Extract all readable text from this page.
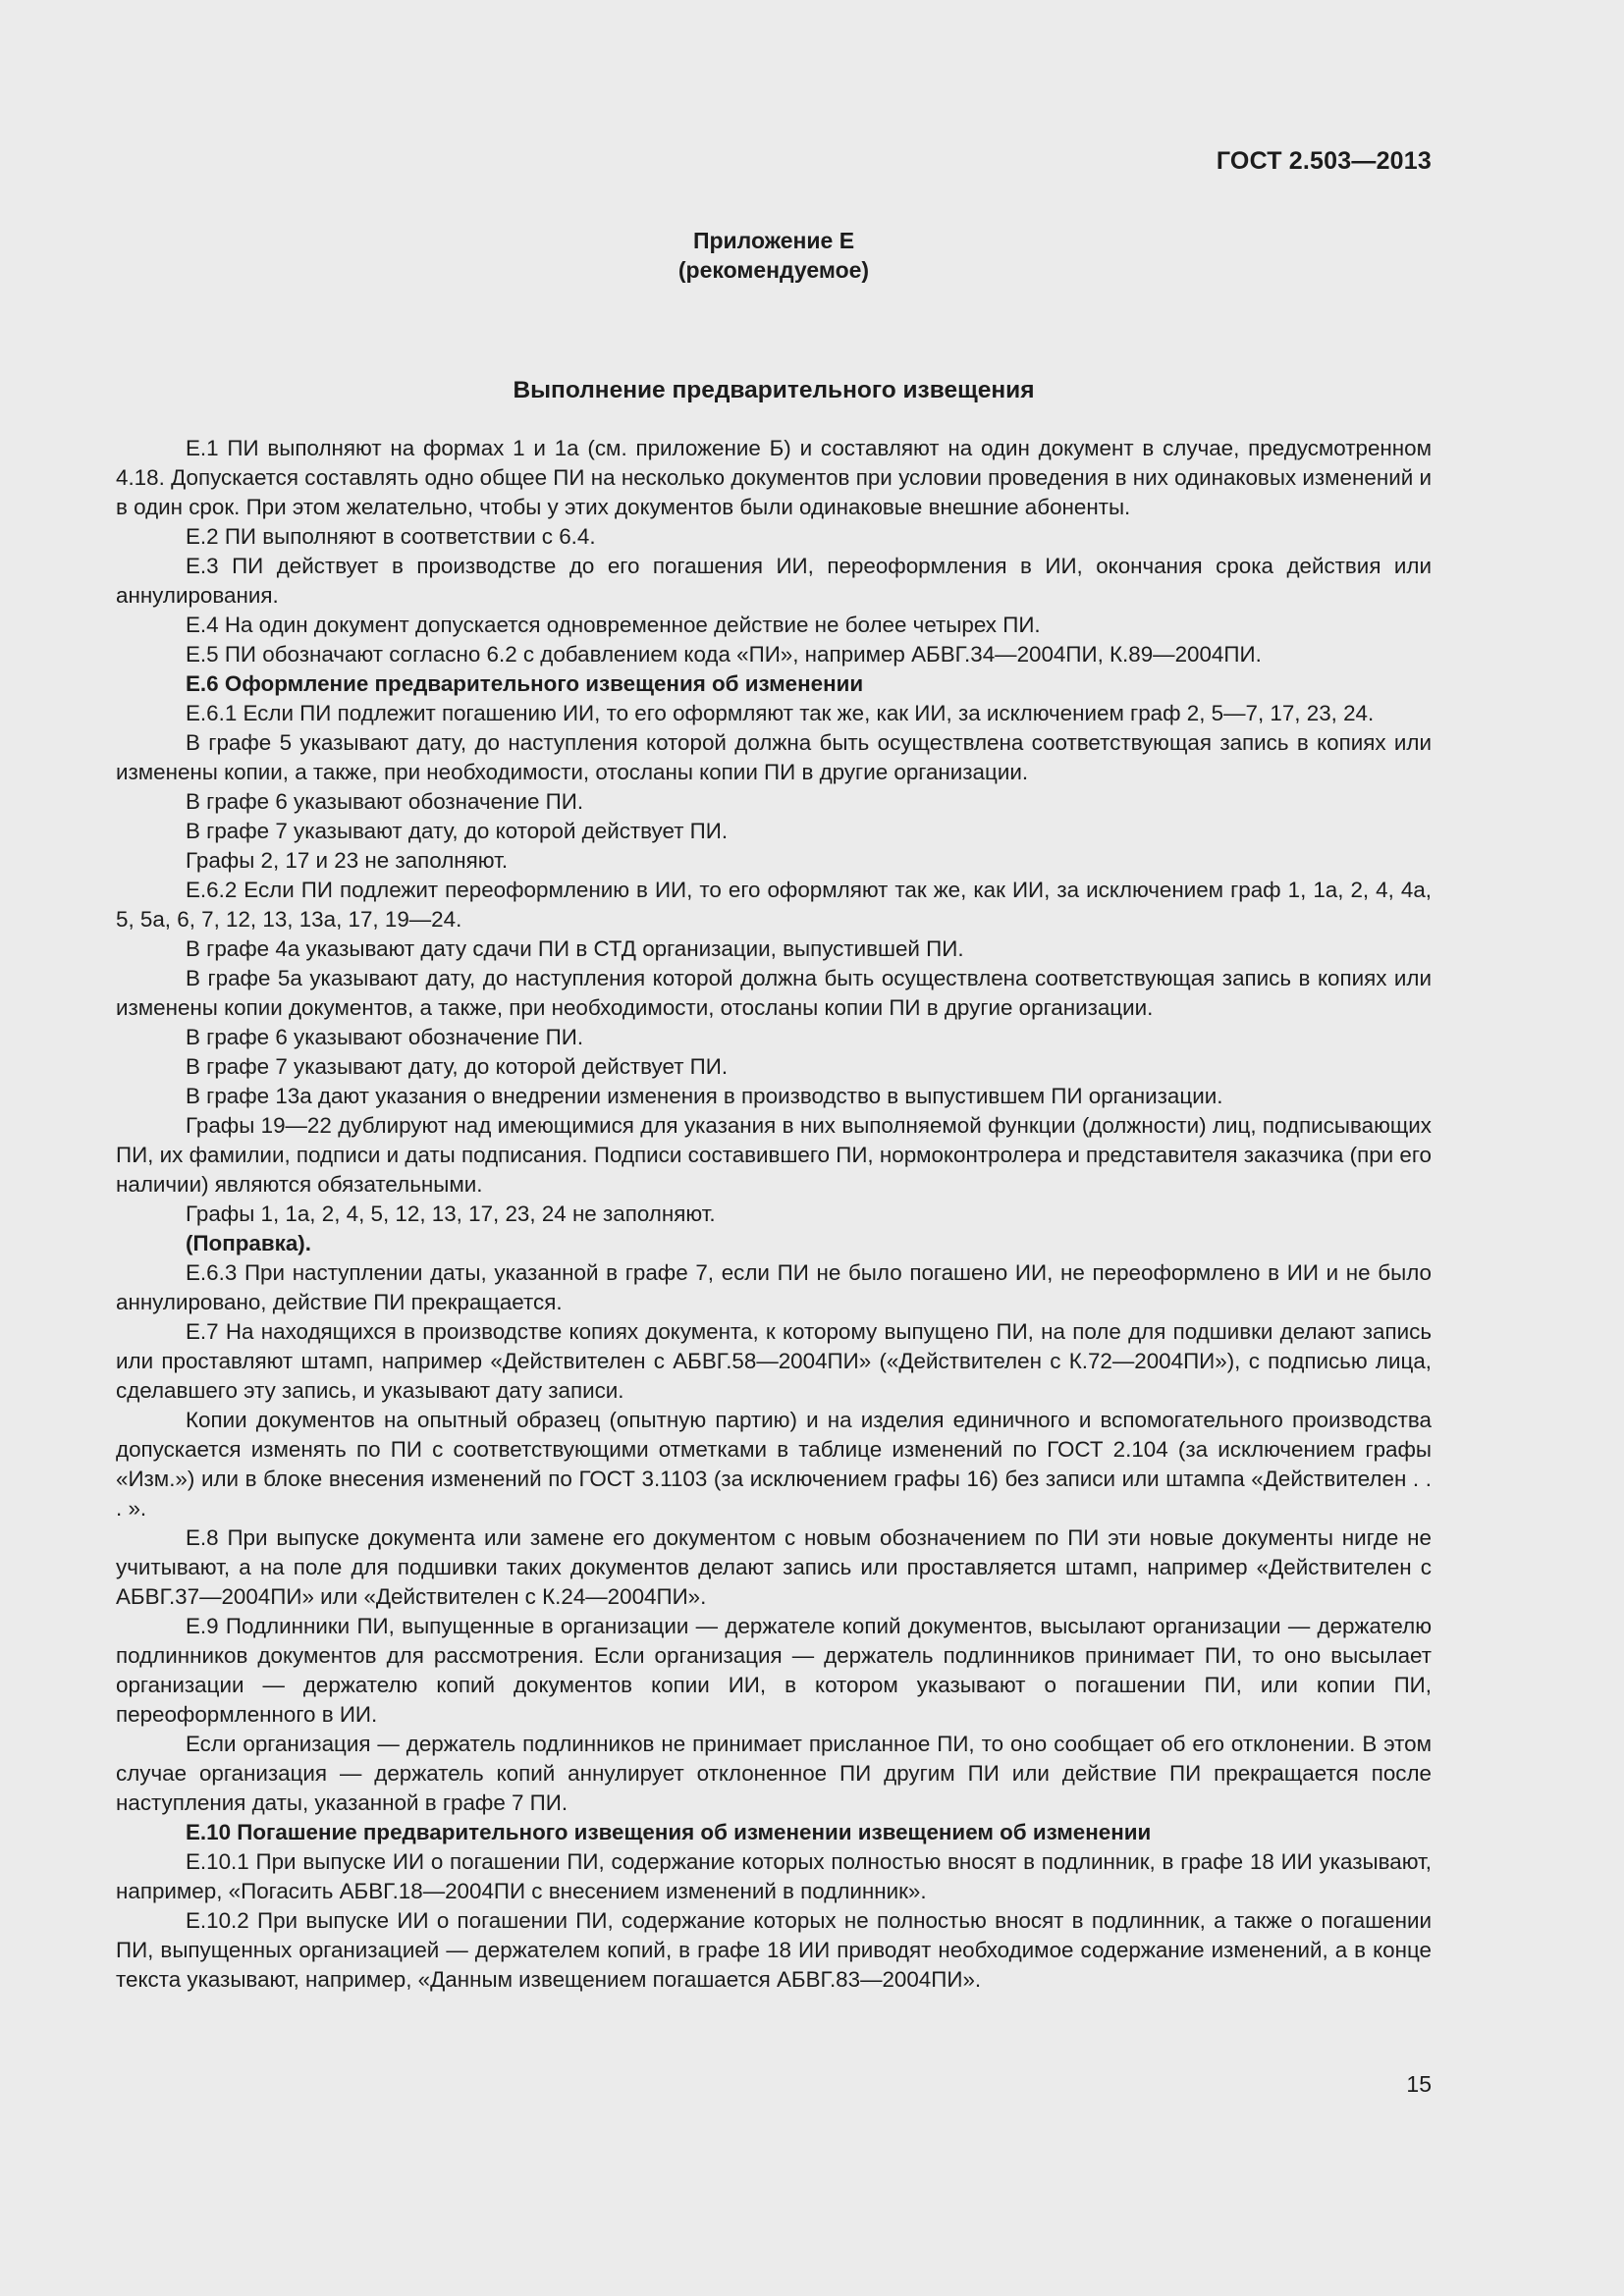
ГОСТ 2.503—2013
Приложение Е
(рекомендуемое)
Выполнение предварительного извещения

Е.1 ПИ выполняют на формах 1 и 1а (см. приложение Б) и составляют на один документ в случае, предусмотренном 4.18. Допускается составлять одно общее ПИ на несколько документов при условии проведения в них одинаковых изменений и в один срок. При этом желательно, чтобы у этих документов были одинаковые внешние абоненты.

Е.2 ПИ выполняют в соответствии с 6.4.

Е.3 ПИ действует в производстве до его погашения ИИ, переоформления в ИИ, окончания срока действия или аннулирования.

Е.4 На один документ допускается одновременное действие не более четырех ПИ.

Е.5 ПИ обозначают согласно 6.2 с добавлением кода «ПИ», например АБВГ.34—2004ПИ, К.89—2004ПИ.

Е.6 Оформление предварительного извещения об изменении

Е.6.1 Если ПИ подлежит погашению ИИ, то его оформляют так же, как ИИ, за исключением граф 2, 5—7, 17, 23, 24.

В графе 5 указывают дату, до наступления которой должна быть осуществлена соответствующая запись в копиях или изменены копии, а также, при необходимости, отосланы копии ПИ в другие организации.

В графе 6 указывают обозначение ПИ.

В графе 7 указывают дату, до которой действует ПИ.

Графы 2, 17 и 23 не заполняют.

Е.6.2 Если ПИ подлежит переоформлению в ИИ, то его оформляют так же, как ИИ, за исключением граф 1, 1а, 2, 4, 4а, 5, 5а, 6, 7, 12, 13, 13а, 17, 19—24.

В графе 4а указывают дату сдачи ПИ в СТД организации, выпустившей ПИ.

В графе 5а указывают дату, до наступления которой должна быть осуществлена соответствующая запись в копиях или изменены копии документов, а также, при необходимости, отосланы копии ПИ в другие организации.

В графе 6 указывают обозначение ПИ.

В графе 7 указывают дату, до которой действует ПИ.

В графе 13а дают указания о внедрении изменения в производство в выпустившем ПИ организации.

Графы 19—22 дублируют над имеющимися для указания в них выполняемой функции (должности) лиц, подписывающих ПИ, их фамилии, подписи и даты подписания. Подписи составившего ПИ, нормоконтролера и представителя заказчика (при его наличии) являются обязательными.

Графы 1, 1а, 2, 4, 5, 12, 13, 17, 23, 24 не заполняют.

(Поправка).

Е.6.3 При наступлении даты, указанной в графе 7, если ПИ не было погашено ИИ, не переоформлено в ИИ и не было аннулировано, действие ПИ прекращается.

Е.7 На находящихся в производстве копиях документа, к которому выпущено ПИ, на поле для подшивки делают запись или проставляют штамп, например «Действителен с АБВГ.58—2004ПИ» («Действителен с К.72—2004ПИ»), с подписью лица, сделавшего эту запись, и указывают дату записи.

Копии документов на опытный образец (опытную партию) и на изделия единичного и вспомогательного производства допускается изменять по ПИ с соответствующими отметками в таблице изменений по ГОСТ 2.104 (за исключением графы «Изм.») или в блоке внесения изменений по ГОСТ 3.1103 (за исключением графы 16) без записи или штампа «Действителен . . . ».

Е.8 При выпуске документа или замене его документом с новым обозначением по ПИ эти новые документы нигде не учитывают, а на поле для подшивки таких документов делают запись или проставляется штамп, например «Действителен с АБВГ.37—2004ПИ» или «Действителен с К.24—2004ПИ».

Е.9 Подлинники ПИ, выпущенные в организации — держателе копий документов, высылают организации — держателю подлинников документов для рассмотрения. Если организация — держатель подлинников принимает ПИ, то оно высылает организации — держателю копий документов копии ИИ, в котором указывают о погашении ПИ, или копии ПИ, переоформленного в ИИ.

Если организация — держатель подлинников не принимает присланное ПИ, то оно сообщает об его отклонении. В этом случае организация — держатель копий аннулирует отклоненное ПИ другим ПИ или действие ПИ прекращается после наступления даты, указанной в графе 7 ПИ.

Е.10 Погашение предварительного извещения об изменении извещением об изменении

Е.10.1 При выпуске ИИ о погашении ПИ, содержание которых полностью вносят в подлинник, в графе 18 ИИ указывают, например, «Погасить АБВГ.18—2004ПИ с внесением изменений в подлинник».

Е.10.2 При выпуске ИИ о погашении ПИ, содержание которых не полностью вносят в подлинник, а также о погашении ПИ, выпущенных организацией — держателем копий, в графе 18 ИИ приводят необходимое содержание изменений, а в конце текста указывают, например, «Данным извещением погашается АБВГ.83—2004ПИ».

15
